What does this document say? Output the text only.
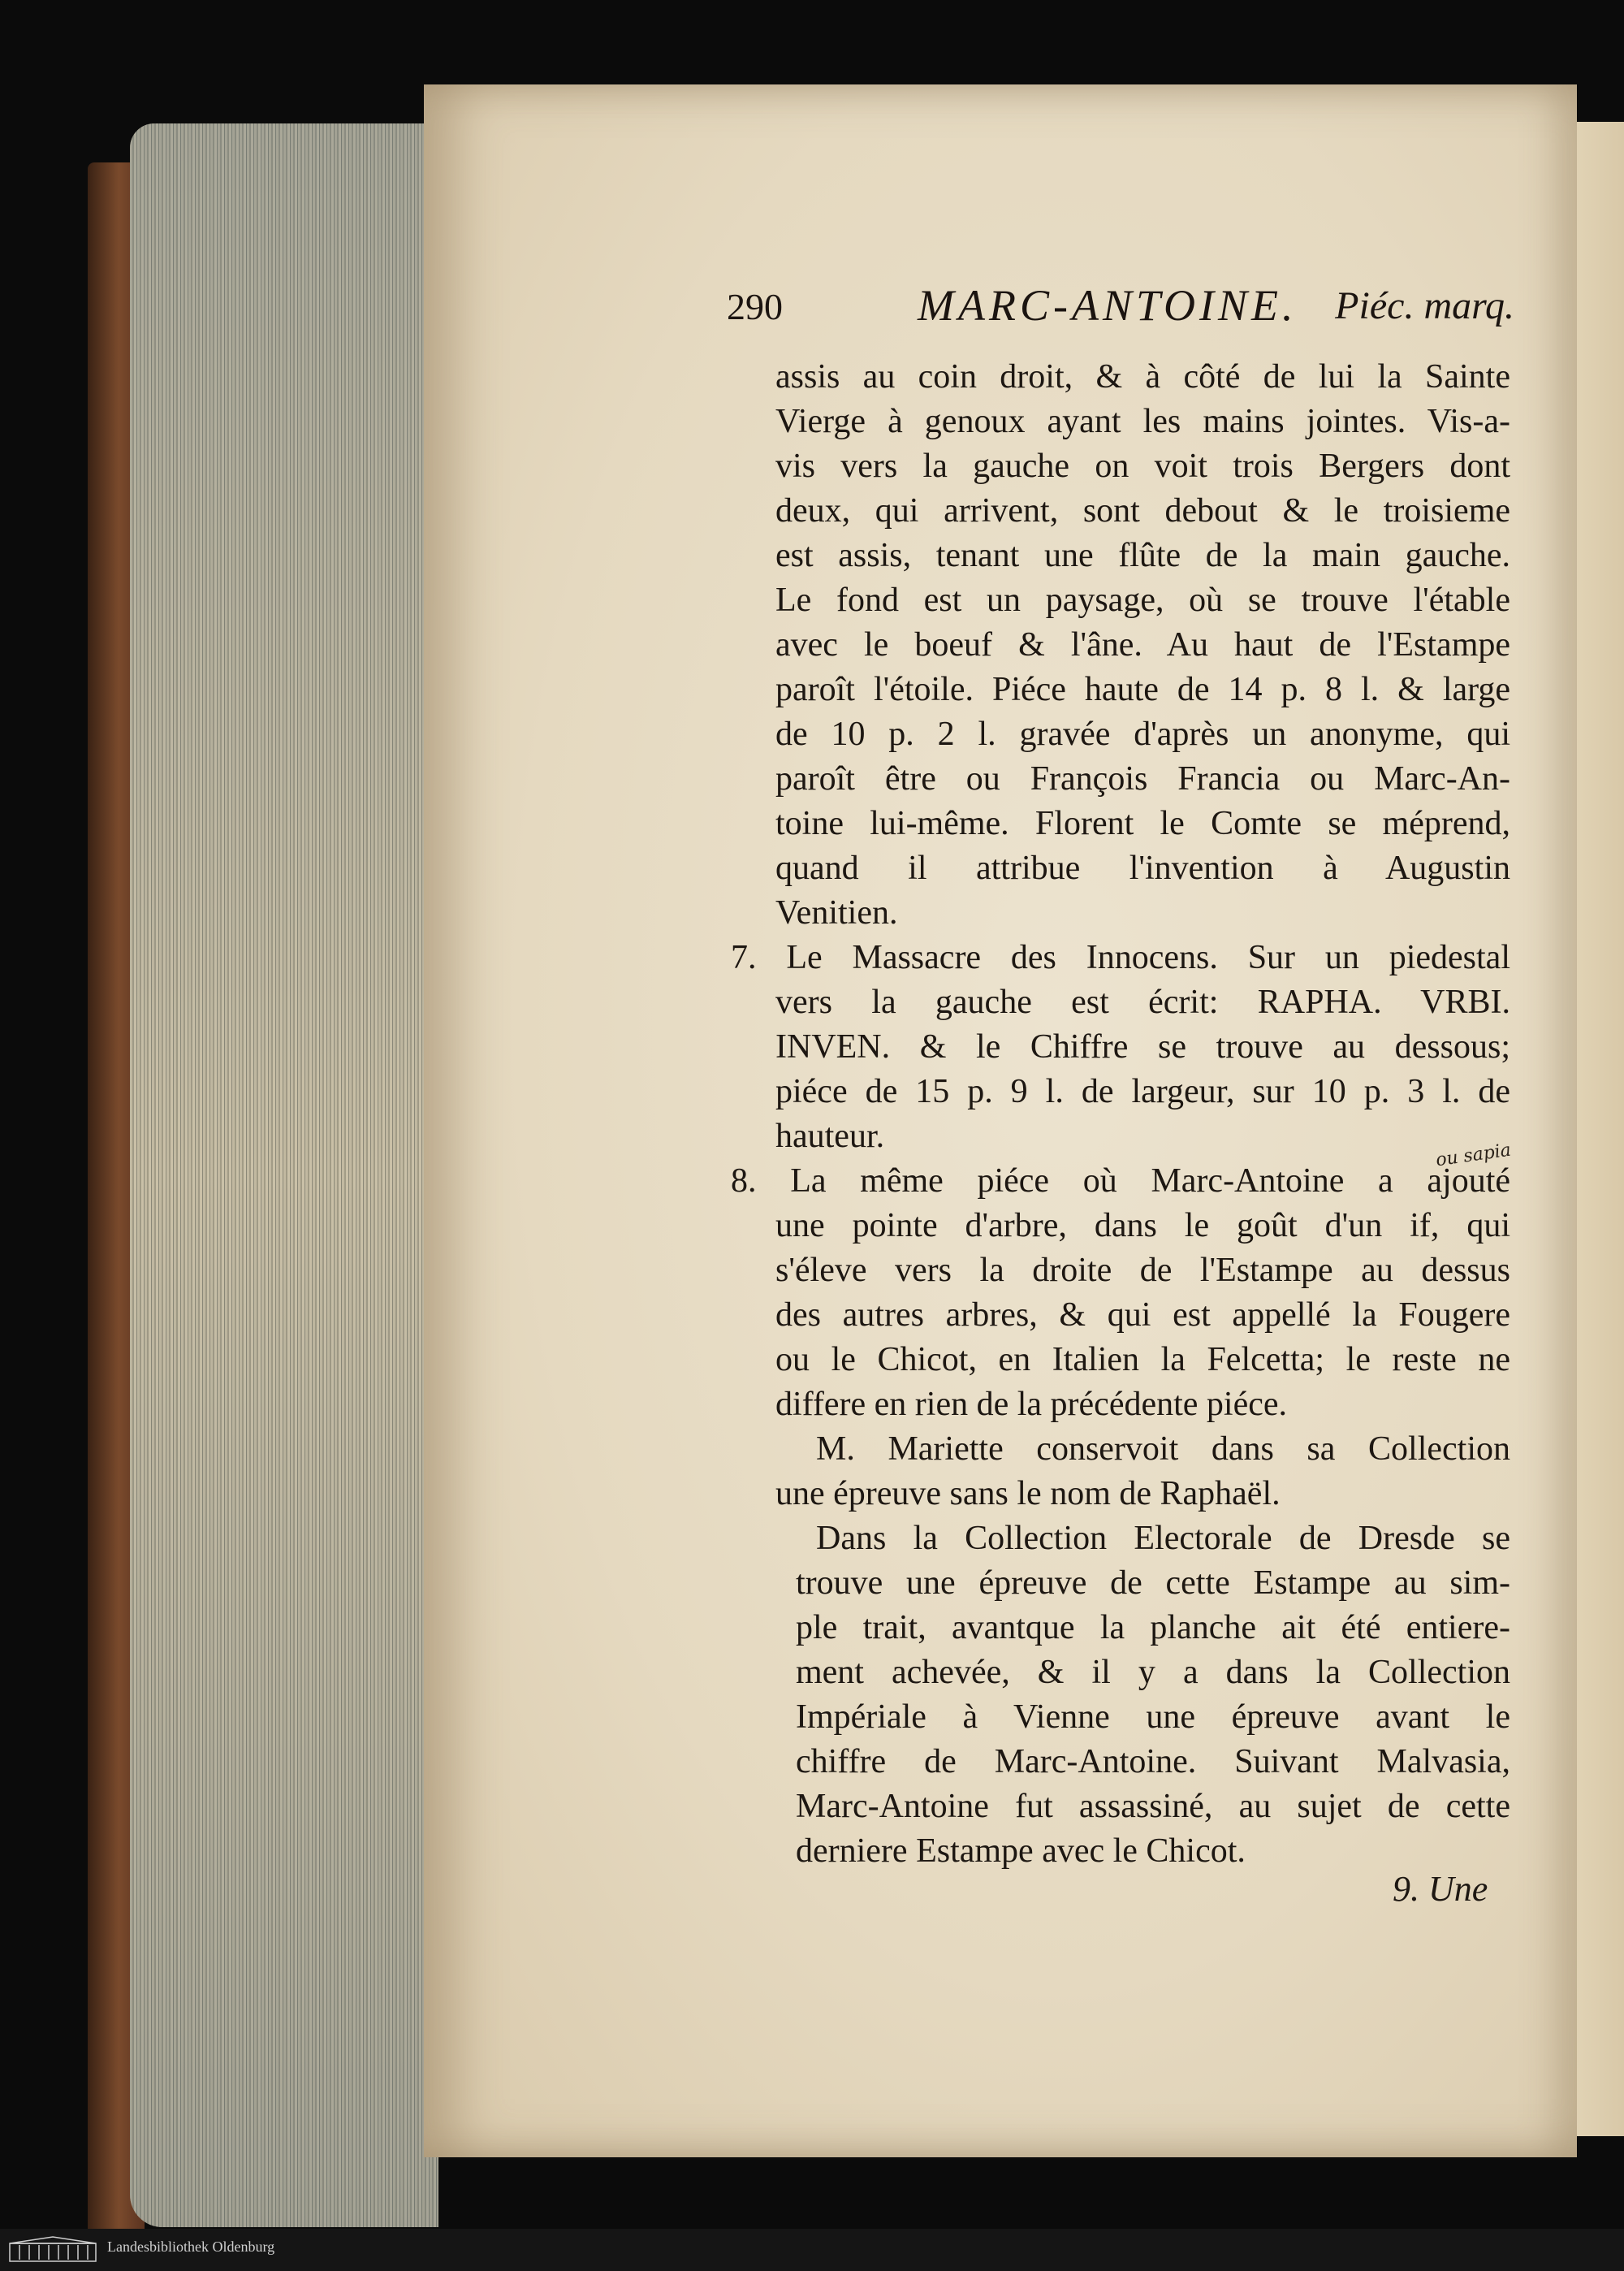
290	MARC-ANTOINE. Piéc. marq.
assis au coin droit, & à côté de lui la Sainte
Vierge à genoux ayant les mains jointes. Vis-a-
vis vers la gauche on voit trois Bergers dont
deux, qui arrivent, sont debout & le troisieme
est assis, tenant une flûte de la main gauche.
Le fond est un paysage, où se trouve l'étable
avec le boeuf & l'âne. Au haut de l'Estampe
paroît l'étoile. Piéce haute de 14 p. 8 l. & large
de 10 p. 2 l. gravée d'après un anonyme, qui
paroît être ou François Francia ou Marc-An-
toine lui-même. Florent le Comte se méprend,
quand il attribue l'invention à Augustin
Venitien.
7. Le Massacre des Innocens. Sur un piedestal
vers la gauche est écrit: RAPHA. VRBI.
INVEN. & le Chiffre se trouve au dessous;
piéce de 15 p. 9 l. de largeur, sur 10 p. 3 l. de
hauteur.
8. La même piéce où Marc-Antoine a ajouté
une pointe d'arbre, dans le goût d'un if, qui
s'éleve vers la droite de l'Estampe au dessus
des autres arbres, & qui est appellé la Fougere
ou le Chicot, en Italien la Felcetta; le reste ne
differe en rien de la précédente piéce.
M. Mariette conservoit dans sa Collection
une épreuve sans le nom de Raphaël.
Dans la Collection Electorale de Dresde se
trouve une épreuve de cette Estampe au sim-
ple trait, avantque la planche ait été entiere-
ment achevée, & il y a dans la Collection
Impériale à Vienne une épreuve avant le
chiffre de Marc-Antoine. Suivant Malvasia,
Marc-Antoine fut assassiné, au sujet de cette
derniere Estampe avec le Chicot.
ou sapia
9. Une
Landesbibliothek Oldenburg
